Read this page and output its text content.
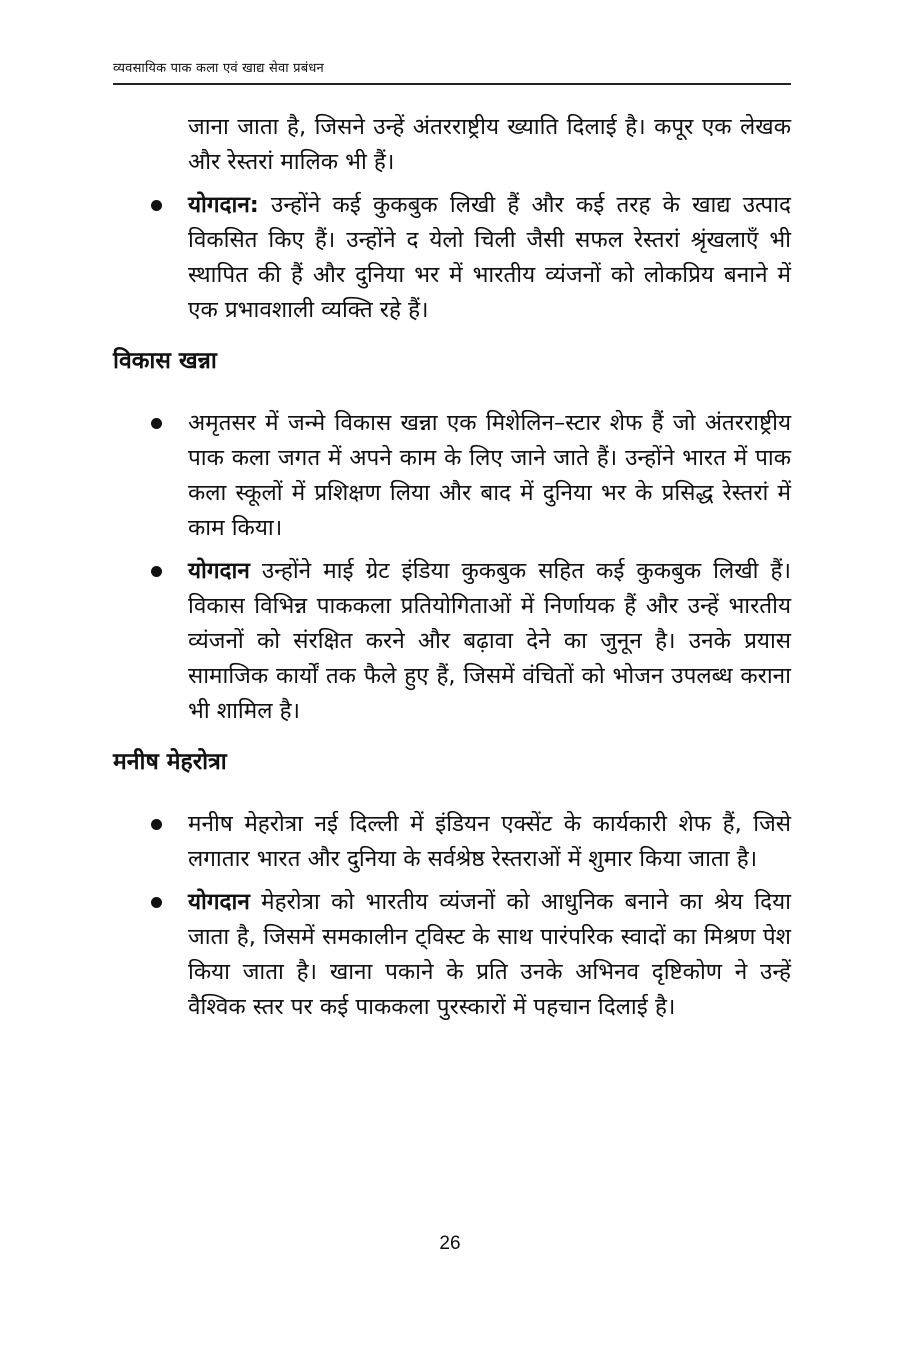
व्यवसायिक पाक कला एवं खाद्य सेवा प्रबंधन

जाना जाता है, जिसने उन्हें अंतरराष्ट्रीय ख्याति दिलाई है। कपूर एक लेखक और रेस्तरां मालिक भी हैं।

योगदान: उन्होंने कई कुकबुक लिखी हैं और कई तरह के खाद्य उत्पाद विकसित किए हैं। उन्होंने द येलो चिली जैसी सफल रेस्तरां श्रृंखलाएँ भी स्थापित की हैं और दुनिया भर में भारतीय व्यंजनों को लोकप्रिय बनाने में एक प्रभावशाली व्यक्ति रहे हैं।

विकास खन्ना

अमृतसर में जन्मे विकास खन्ना एक मिशेलिन–स्टार शेफ हैं जो अंतरराष्ट्रीय पाक कला जगत में अपने काम के लिए जाने जाते हैं। उन्होंने भारत में पाक कला स्कूलों में प्रशिक्षण लिया और बाद में दुनिया भर के प्रसिद्ध रेस्तरां में काम किया।

योगदान उन्होंने माई ग्रेट इंडिया कुकबुक सहित कई कुकबुक लिखी हैं। विकास विभिन्न पाककला प्रतियोगिताओं में निर्णायक हैं और उन्हें भारतीय व्यंजनों को संरक्षित करने और बढ़ावा देने का जुनून है। उनके प्रयास सामाजिक कार्यों तक फैले हुए हैं, जिसमें वंचितों को भोजन उपलब्ध कराना भी शामिल है।

मनीष मेहरोत्रा

मनीष मेहरोत्रा नई दिल्ली में इंडियन एक्सेंट के कार्यकारी शेफ हैं, जिसे लगातार भारत और दुनिया के सर्वश्रेष्ठ रेस्तराओं में शुमार किया जाता है।

योगदान मेहरोत्रा को भारतीय व्यंजनों को आधुनिक बनाने का श्रेय दिया जाता है, जिसमें समकालीन ट्विस्ट के साथ पारंपरिक स्वादों का मिश्रण पेश किया जाता है। खाना पकाने के प्रति उनके अभिनव दृष्टिकोण ने उन्हें वैश्विक स्तर पर कई पाककला पुरस्कारों में पहचान दिलाई है।

26
